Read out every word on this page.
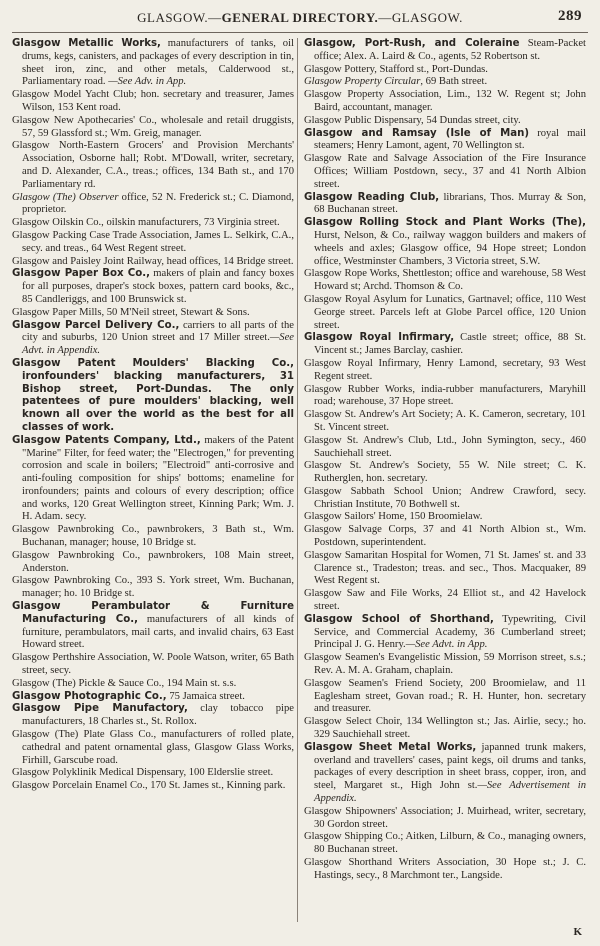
GLASGOW.—GENERAL DIRECTORY.—GLASGOW.	289

Glasgow Metallic Works, manufacturers of tanks, oil drums, kegs, canisters, and packages of every description in tin, sheet iron, zinc, and other metals, Calderwood st., Parliamentary road. —See Adv. in App.

Glasgow Model Yacht Club; hon. secretary and treasurer, James Wilson, 153 Kent road.

Glasgow New Apothecaries' Co., wholesale and retail druggists, 57, 59 Glassford st.; Wm. Greig, manager.

Glasgow North-Eastern Grocers' and Provision Merchants' Association, Osborne hall; Robt. M'Dowall, writer, secretary, and D. Alexander, C.A., treas.; offices, 134 Bath st., and 170 Parliamentary rd.

Glasgow (The) Observer office, 52 N. Frederick st.; C. Diamond, proprietor.

Glasgow Oilskin Co., oilskin manufacturers, 73 Virginia street.

Glasgow Packing Case Trade Association, James L. Selkirk, C.A., secy. and treas., 64 West Regent street.

Glasgow and Paisley Joint Railway, head offices, 14 Bridge street.

Glasgow Paper Box Co., makers of plain and fancy boxes for all purposes, draper's stock boxes, pattern card books, &c., 85 Candleriggs, and 100 Brunswick st.

Glasgow Paper Mills, 50 M'Neil street, Stewart & Sons.

Glasgow Parcel Delivery Co., carriers to all parts of the city and suburbs, 120 Union street and 17 Miller street.—See Advt. in Appendix.

Glasgow Patent Moulders' Blacking Co., ironfounders' blacking manufacturers, 31 Bishop street, Port-Dundas. The only patentees of pure moulders' blacking, well known all over the world as the best for all classes of work.

Glasgow Patents Company, Ltd., makers of the Patent "Marine" Filter, for feed water; the "Electrogen," for preventing corrosion and scale in boilers; "Electroid" anti-corrosive and anti-fouling composition for ships' bottoms; enameline for ironfounders; paints and colours of every description; office and works, 120 Great Wellington street, Kinning Park; Wm. J. H. Adam. secy.

Glasgow Pawnbroking Co., pawnbrokers, 3 Bath st., Wm. Buchanan, manager; house, 10 Bridge st.

Glasgow Pawnbroking Co., pawnbrokers, 108 Main street, Anderston.

Glasgow Pawnbroking Co., 393 S. York street, Wm. Buchanan, manager; ho. 10 Bridge st.

Glasgow Perambulator & Furniture Manufacturing Co., manufacturers of all kinds of furniture, perambulators, mail carts, and invalid chairs, 63 East Howard street.

Glasgow Perthshire Association, W. Poole Watson, writer, 65 Bath street, secy.

Glasgow (The) Pickle & Sauce Co., 194 Main st. s.s.

Glasgow Photographic Co., 75 Jamaica street.

Glasgow Pipe Manufactory, clay tobacco pipe manufacturers, 18 Charles st., St. Rollox.

Glasgow (The) Plate Glass Co., manufacturers of rolled plate, cathedral and patent ornamental glass, Glasgow Glass Works, Firhill, Garscube road.

Glasgow Polyklinik Medical Dispensary, 100 Elderslie street.

Glasgow Porcelain Enamel Co., 170 St. James st., Kinning park.

Glasgow, Port-Rush, and Coleraine Steam-Packet office; Alex. A. Laird & Co., agents, 52 Robertson st.

Glasgow Pottery, Stafford st., Port-Dundas.

Glasgow Property Circular, 69 Bath street.

Glasgow Property Association, Lim., 132 W. Regent st; John Baird, accountant, manager.

Glasgow Public Dispensary, 54 Dundas street, city.

Glasgow and Ramsay (Isle of Man) royal mail steamers; Henry Lamont, agent, 70 Wellington st.

Glasgow Rate and Salvage Association of the Fire Insurance Offices; William Postdown, secy., 37 and 41 North Albion street.

Glasgow Reading Club, librarians, Thos. Murray & Son, 68 Buchanan street.

Glasgow Rolling Stock and Plant Works (The), Hurst, Nelson, & Co., railway waggon builders and makers of wheels and axles; Glasgow office, 94 Hope street; London office, Westminster Chambers, 3 Victoria street, S.W.

Glasgow Rope Works, Shettleston; office and warehouse, 58 West Howard st; Archd. Thomson & Co.

Glasgow Royal Asylum for Lunatics, Gartnavel; office, 110 West George street. Parcels left at Globe Parcel office, 120 Union street.

Glasgow Royal Infirmary, Castle street; office, 88 St. Vincent st.; James Barclay, cashier.

Glasgow Royal Infirmary, Henry Lamond, secretary, 93 West Regent street.

Glasgow Rubber Works, india-rubber manufacturers, Maryhill road; warehouse, 37 Hope street.

Glasgow St. Andrew's Art Society; A. K. Cameron, secretary, 101 St. Vincent street.

Glasgow St. Andrew's Club, Ltd., John Symington, secy., 460 Sauchiehall street.

Glasgow St. Andrew's Society, 55 W. Nile street; C. K. Rutherglen, hon. secretary.

Glasgow Sabbath School Union; Andrew Crawford, secy. Christian Institute, 70 Bothwell st.

Glasgow Sailors' Home, 150 Broomielaw.

Glasgow Salvage Corps, 37 and 41 North Albion st., Wm. Postdown, superintendent.

Glasgow Samaritan Hospital for Women, 71 St. James' st. and 33 Clarence st., Tradeston; treas. and sec., Thos. Macquaker, 89 West Regent st.

Glasgow Saw and File Works, 24 Elliot st., and 42 Havelock street.

Glasgow School of Shorthand, Typewriting, Civil Service, and Commercial Academy, 36 Cumberland street; Principal J. G. Henry.—See Advt. in App.

Glasgow Seamen's Evangelistic Mission, 59 Morrison street, s.s.; Rev. A. M. A. Graham, chaplain.

Glasgow Seamen's Friend Society, 200 Broomielaw, and 11 Eaglesham street, Govan road.; R. H. Hunter, hon. secretary and treasurer.

Glasgow Select Choir, 134 Wellington st.; Jas. Airlie, secy.; ho. 329 Sauchiehall street.

Glasgow Sheet Metal Works, japanned trunk makers, overland and travellers' cases, paint kegs, oil drums and tanks, packages of every description in sheet brass, copper, iron, and steel, Margaret st., High John st.—See Advertisement in Appendix.

Glasgow Shipowners' Association; J. Muirhead, writer, secretary, 30 Gordon street.

Glasgow Shipping Co.; Aitken, Lilburn, & Co., managing owners, 80 Buchanan street.

Glasgow Shorthand Writers Association, 30 Hope st.; J. C. Hastings, secy., 8 Marchmont ter., Langside.

K
